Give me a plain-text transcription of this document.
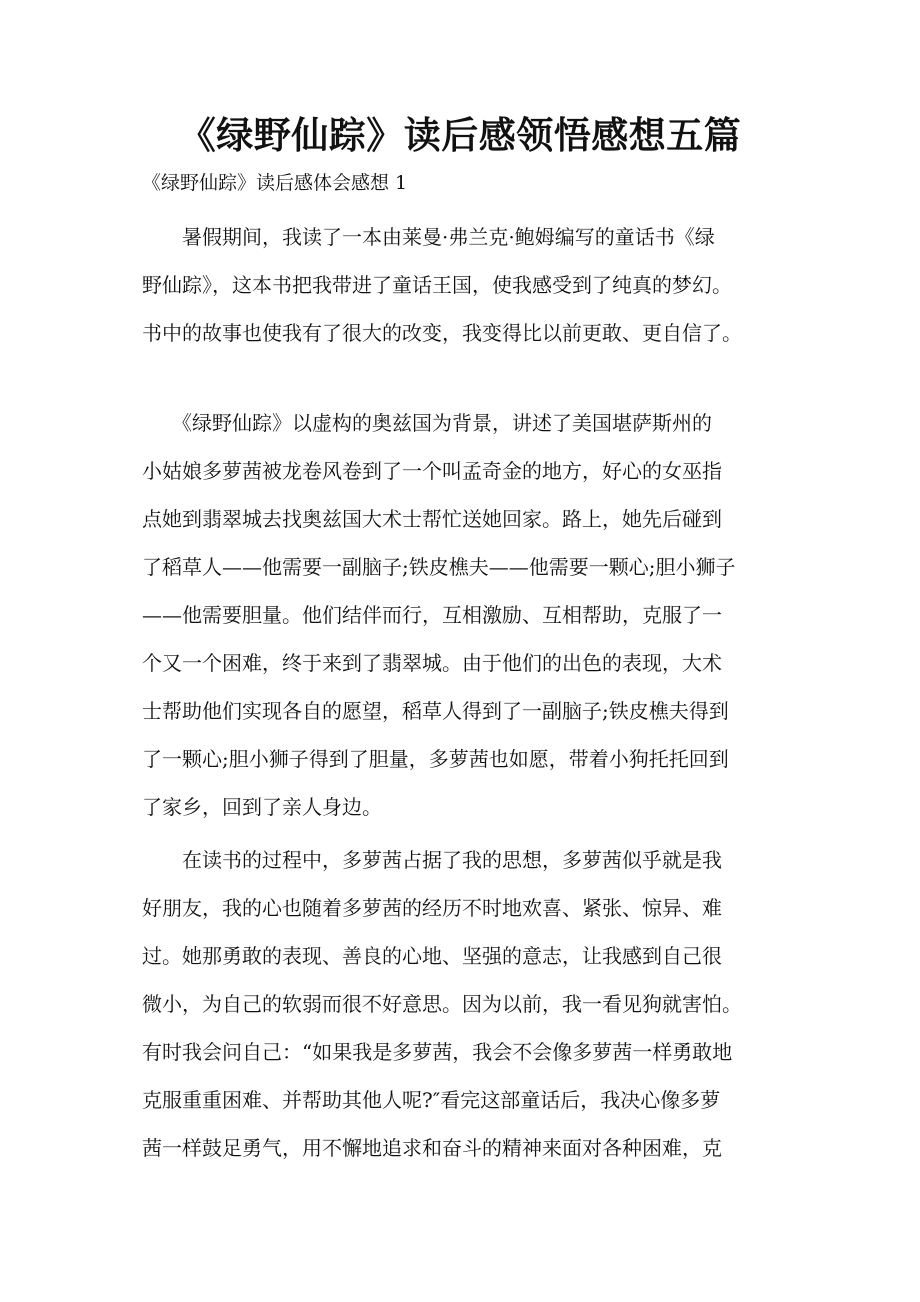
《绿野仙踪》读后感领悟感想五篇

《绿野仙踪》读后感体会感想 1

　　暑假期间，我读了一本由莱曼·弗兰克·鲍姆编写的童话书《绿
野仙踪》，这本书把我带进了童话王国，使我感受到了纯真的梦幻。
书中的故事也使我有了很大的改变，我变得比以前更敢、更自信了。

　　《绿野仙踪》以虚构的奥兹国为背景，讲述了美国堪萨斯州的
小姑娘多萝茜被龙卷风卷到了一个叫孟奇金的地方，好心的女巫指
点她到翡翠城去找奥兹国大术士帮忙送她回家。路上，她先后碰到
了稻草人——他需要一副脑子;铁皮樵夫——他需要一颗心;胆小狮子
——他需要胆量。他们结伴而行，互相激励、互相帮助，克服了一
个又一个困难，终于来到了翡翠城。由于他们的出色的表现，大术
士帮助他们实现各自的愿望，稻草人得到了一副脑子;铁皮樵夫得到
了一颗心;胆小狮子得到了胆量，多萝茜也如愿，带着小狗托托回到
了家乡，回到了亲人身边。

　　在读书的过程中，多萝茜占据了我的思想，多萝茜似乎就是我
好朋友，我的心也随着多萝茜的经历不时地欢喜、紧张、惊异、难
过。她那勇敢的表现、善良的心地、坚强的意志，让我感到自己很
微小，为自己的软弱而很不好意思。因为以前，我一看见狗就害怕。
有时我会问自己：“如果我是多萝茜，我会不会像多萝茜一样勇敢地
克服重重困难、并帮助其他人呢?″看完这部童话后，我决心像多萝
茜一样鼓足勇气，用不懈地追求和奋斗的精神来面对各种困难，克
